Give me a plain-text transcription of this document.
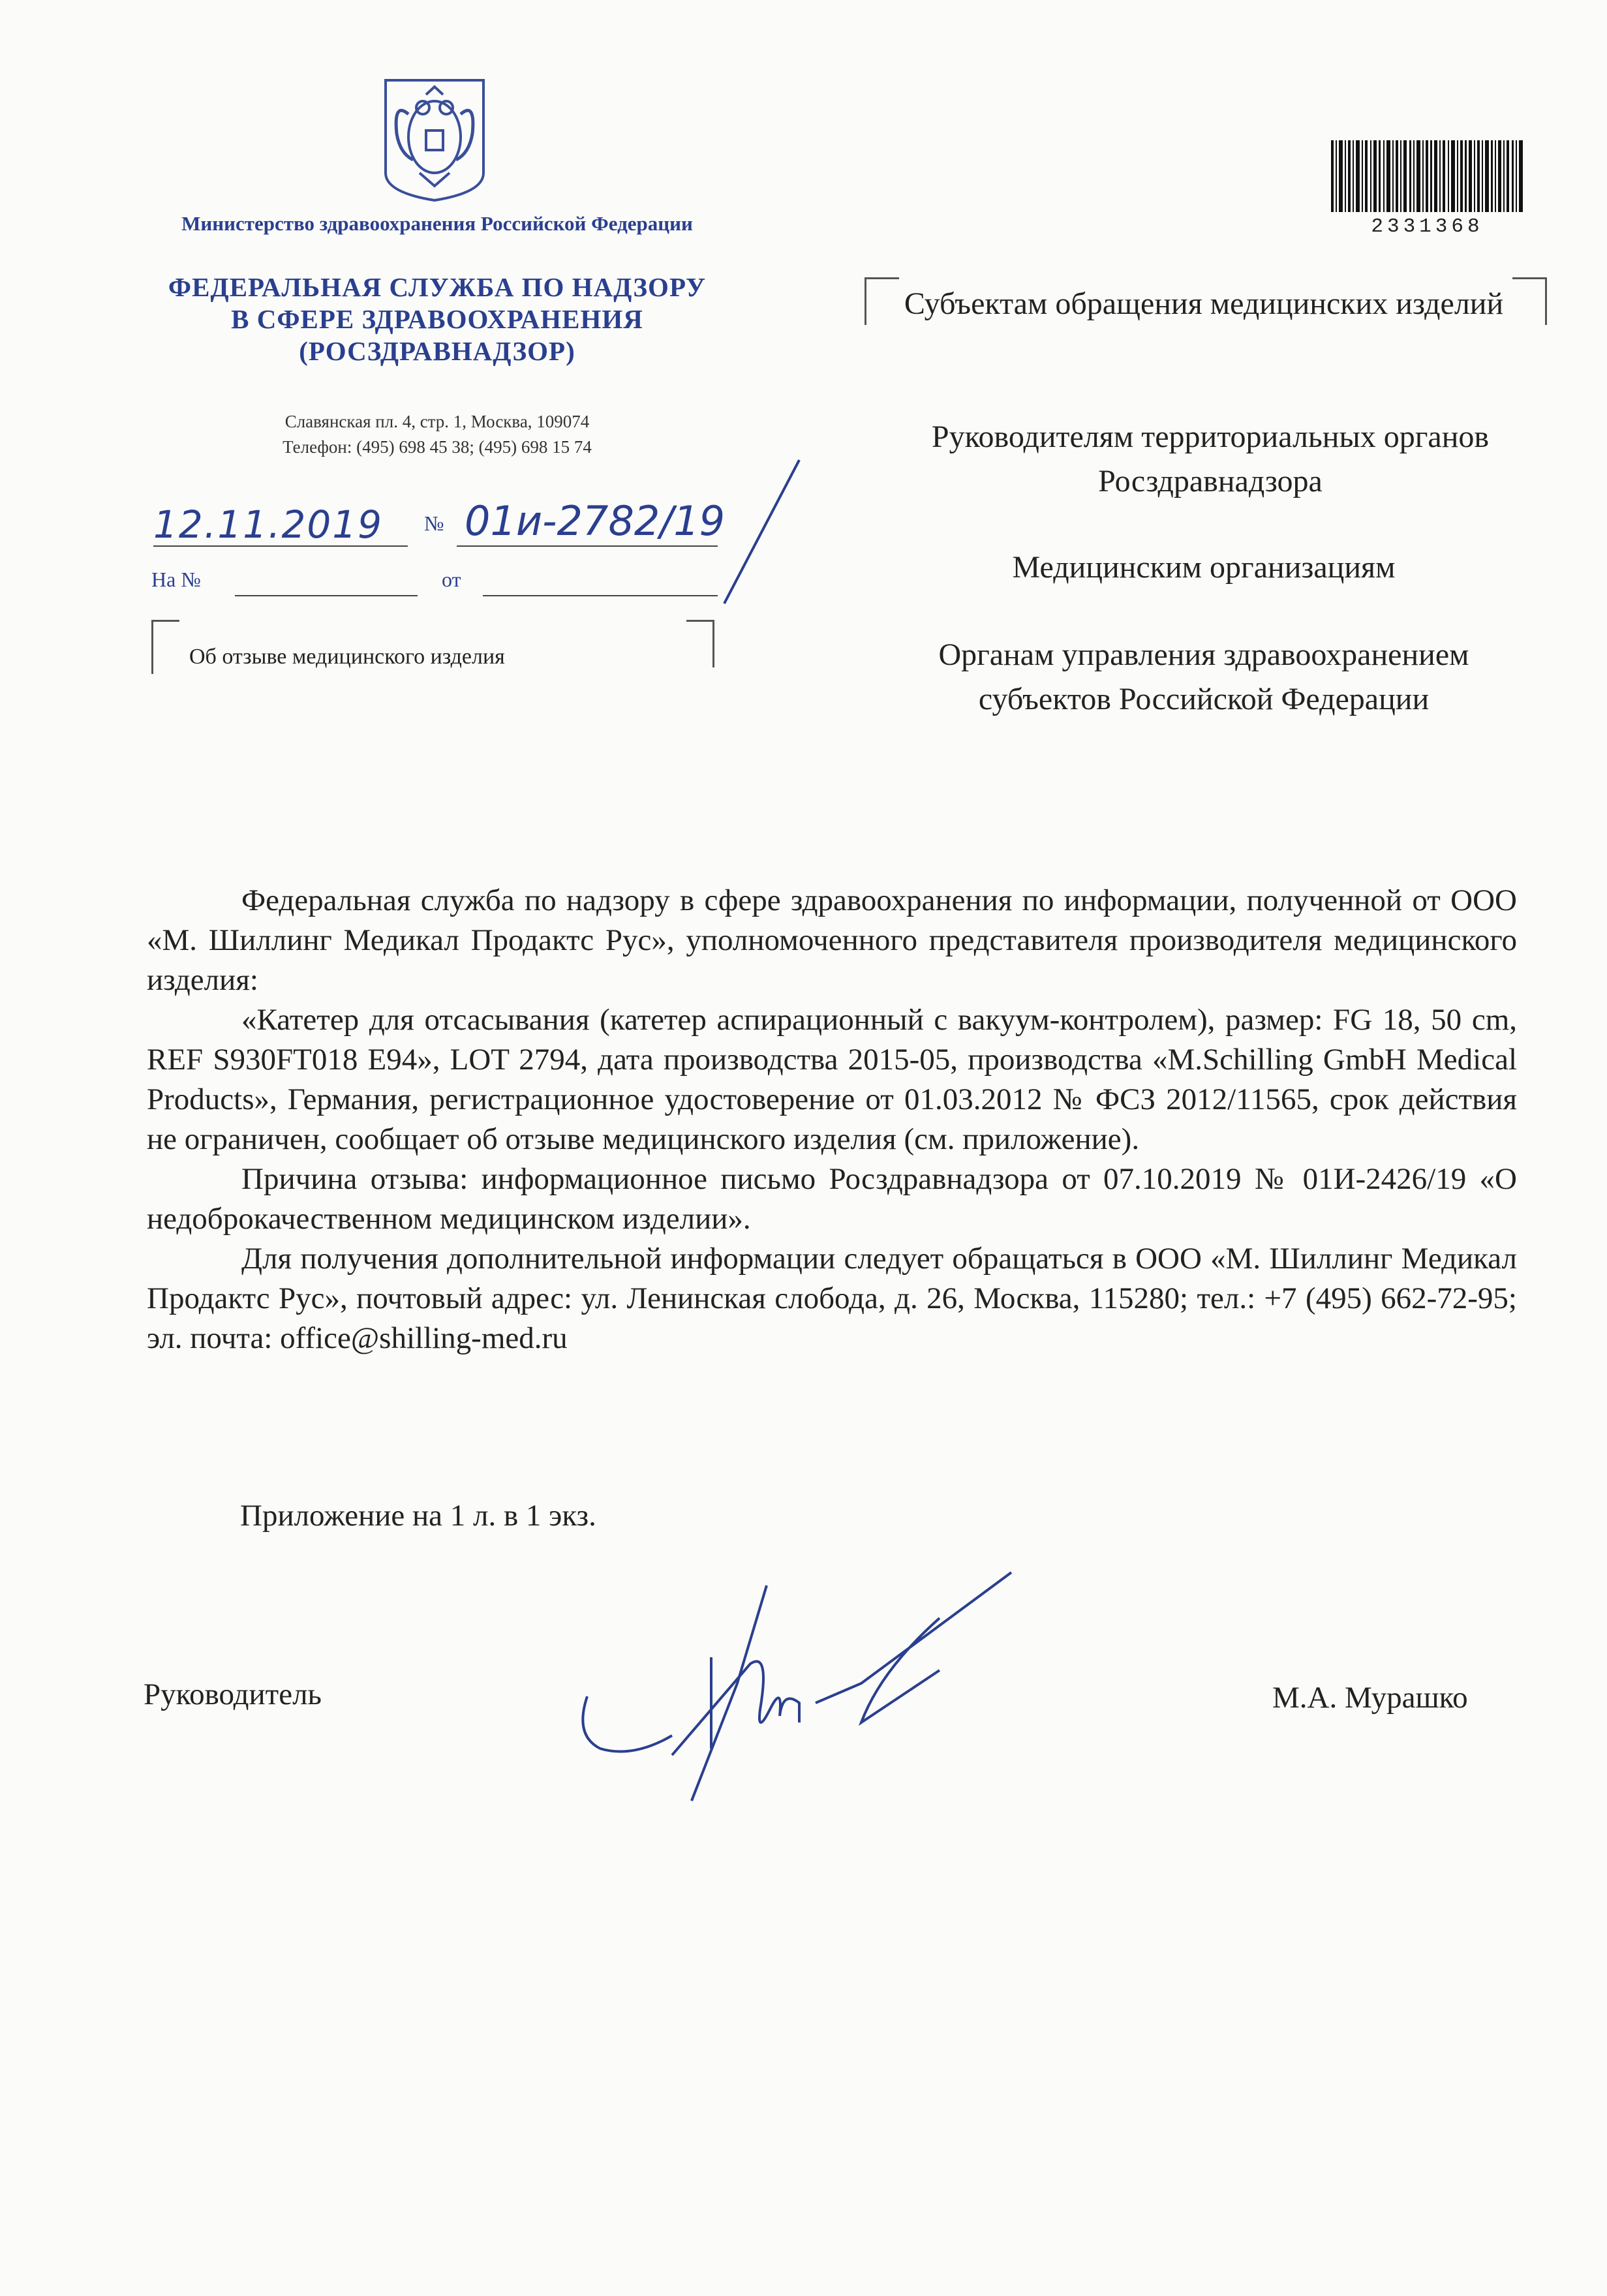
Министерство здравоохранения Российской Федерации
ФЕДЕРАЛЬНАЯ СЛУЖБА ПО НАДЗОРУ
В СФЕРЕ ЗДРАВООХРАНЕНИЯ
(РОСЗДРАВНАДЗОР)
Славянская пл. 4, стр. 1, Москва, 109074
Телефон: (495) 698 45 38; (495) 698 15 74
12.11.2019 № 01и-2782/19
На №	от
Об отзыве медицинского изделия
2331368
Субъектам обращения медицинских изделий
Руководителям территориальных органов Росздравнадзора
Медицинским организациям
Органам управления здравоохранением субъектов Российской Федерации

Федеральная служба по надзору в сфере здравоохранения по информации, полученной от ООО «М. Шиллинг Медикал Продактс Рус», уполномоченного представителя производителя медицинского изделия:

«Катетер для отсасывания (катетер аспирационный с вакуум-контролем), размер: FG 18, 50 cm, REF S930FT018 E94», LOT 2794, дата производства 2015-05, производства «M.Schilling GmbH Medical Products», Германия, регистрационное удостоверение от 01.03.2012 № ФСЗ 2012/11565, срок действия не ограничен, сообщает об отзыве медицинского изделия (см. приложение).

Причина отзыва: информационное письмо Росздравнадзора от 07.10.2019 № 01И-2426/19 «О недоброкачественном медицинском изделии».

Для получения дополнительной информации следует обращаться в ООО «М. Шиллинг Медикал Продактс Рус», почтовый адрес: ул. Ленинская слобода, д. 26, Москва, 115280; тел.: +7 (495) 662-72-95; эл. почта: office@shilling-med.ru

Приложение на 1 л. в 1 экз.
Руководитель	М.А. Мурашко
